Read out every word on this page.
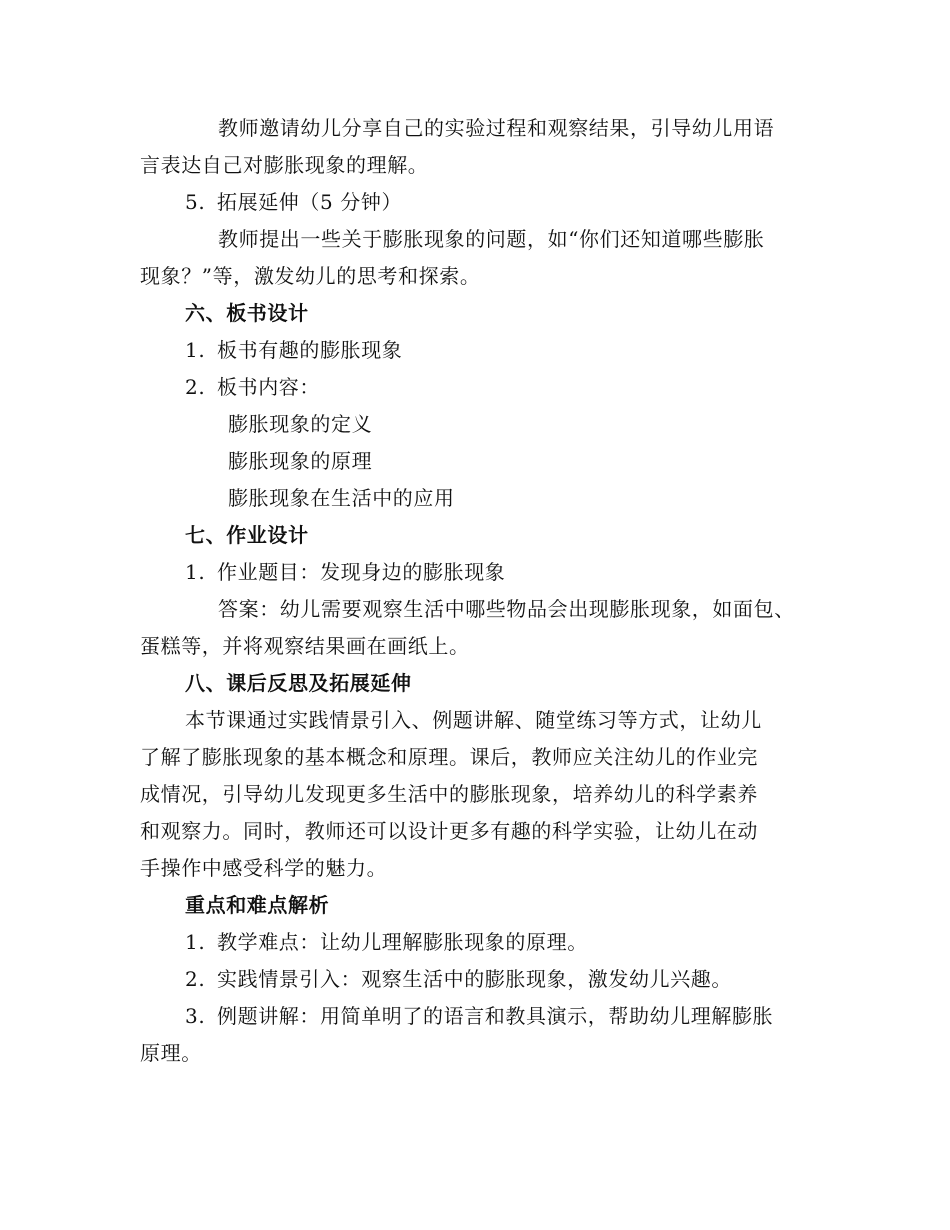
教师邀请幼儿分享自己的实验过程和观察结果，引导幼儿用语
言表达自己对膨胀现象的理解。
5. 拓展延伸（5 分钟）
教师提出一些关于膨胀现象的问题，如“你们还知道哪些膨胀
现象？”等，激发幼儿的思考和探索。
六、板书设计
1. 板书有趣的膨胀现象
2. 板书内容：
膨胀现象的定义
膨胀现象的原理
膨胀现象在生活中的应用
七、作业设计
1. 作业题目：发现身边的膨胀现象
答案：幼儿需要观察生活中哪些物品会出现膨胀现象，如面包、
蛋糕等，并将观察结果画在画纸上。
八、课后反思及拓展延伸
本节课通过实践情景引入、例题讲解、随堂练习等方式，让幼儿
了解了膨胀现象的基本概念和原理。课后，教师应关注幼儿的作业完
成情况，引导幼儿发现更多生活中的膨胀现象，培养幼儿的科学素养
和观察力。同时，教师还可以设计更多有趣的科学实验，让幼儿在动
手操作中感受科学的魅力。
重点和难点解析
1. 教学难点：让幼儿理解膨胀现象的原理。
2. 实践情景引入：观察生活中的膨胀现象，激发幼儿兴趣。
3. 例题讲解：用简单明了的语言和教具演示，帮助幼儿理解膨胀
原理。
